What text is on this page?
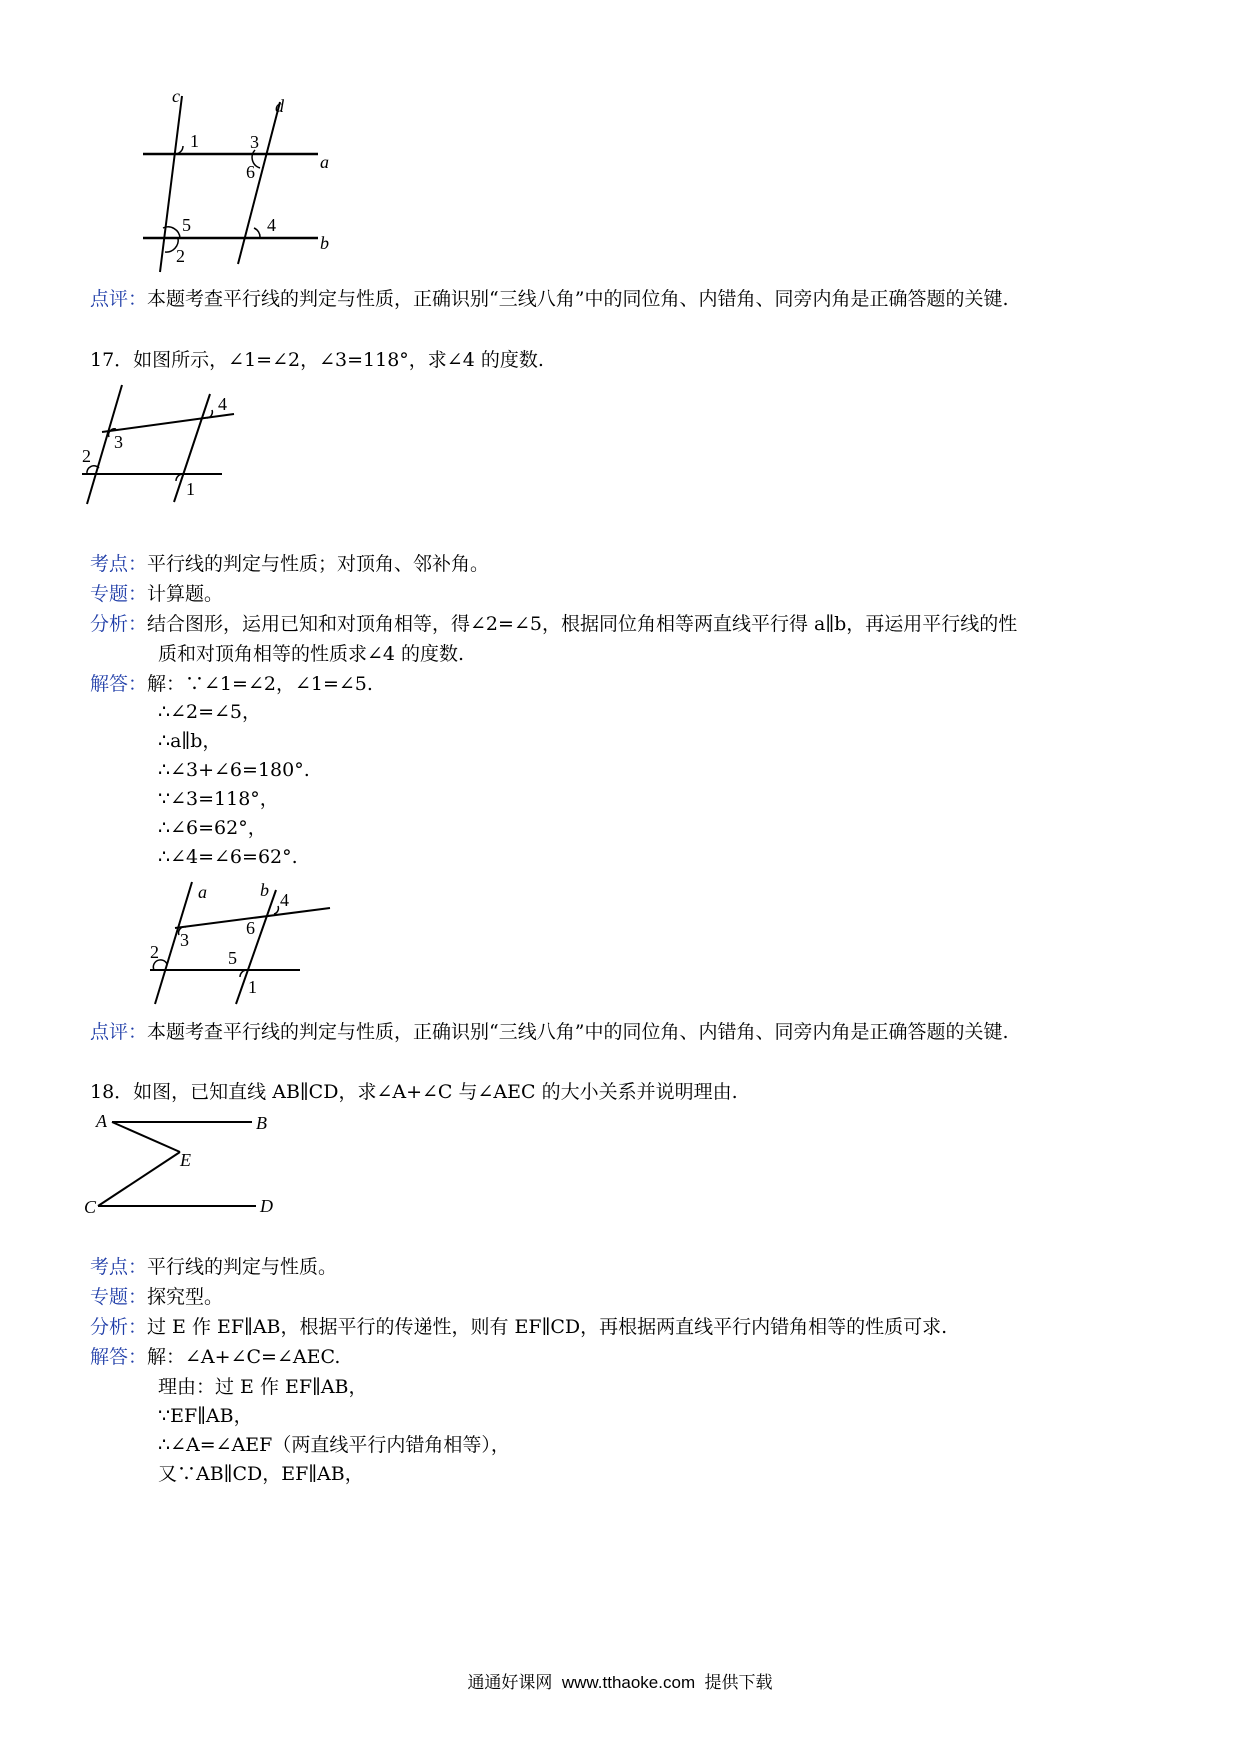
c	d
a
b
1	3
6
5
2
4
点评：本题考查平行线的判定与性质，正确识别“三线八角”中的同位角、内错角、同旁内角是正确答题的关键.
17．如图所示，∠1=∠2，∠3=118°，求∠4 的度数.
3
4
2
1
考点：平行线的判定与性质；对顶角、邻补角。
专题：计算题。
分析：结合图形，运用已知和对顶角相等，得∠2=∠5，根据同位角相等两直线平行得 a∥b，再运用平行线的性
质和对顶角相等的性质求∠4 的度数.
解答：解：∵∠1=∠2，∠1=∠5.
∴∠2=∠5，
∴a∥b，
∴∠3+∠6=180°.
∵∠3=118°，
∴∠6=62°，
∴∠4=∠6=62°.
a	b
3
4
6
2	5
1
点评：本题考查平行线的判定与性质，正确识别“三线八角”中的同位角、内错角、同旁内角是正确答题的关键.
18．如图，已知直线 AB∥CD，求∠A+∠C 与∠AEC 的大小关系并说明理由.
A	B
E
C	D
考点：平行线的判定与性质。
专题：探究型。
分析：过 E 作 EF∥AB，根据平行的传递性，则有 EF∥CD，再根据两直线平行内错角相等的性质可求.
解答：解：∠A+∠C=∠AEC.
理由：过 E 作 EF∥AB，
∵EF∥AB，
∴∠A=∠AEF（两直线平行内错角相等），
又∵AB∥CD，EF∥AB，
通通好课网  www.tthaoke.com  提供下载
